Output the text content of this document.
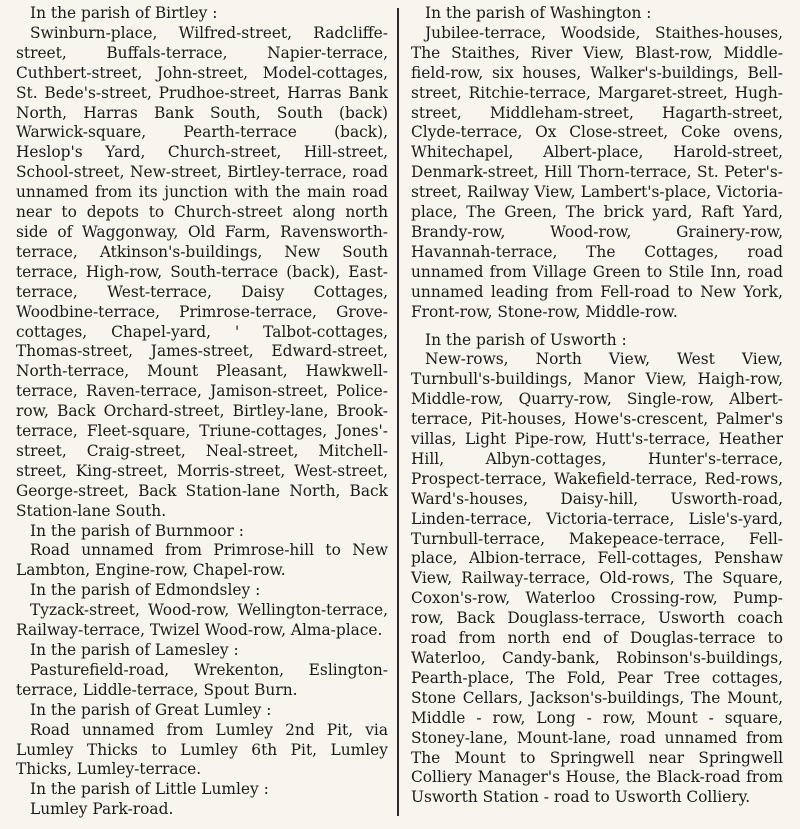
In the parish of Birtley :

Swinburn-place, Wilfred-street, Radcliffe-street, Buffals-terrace, Napier-terrace, Cuthbert-street, John-street, Model-cottages, St. Bede's-street, Prudhoe-street, Harras Bank North, Harras Bank South, South (back) Warwick-square, Pearth-terrace (back), Heslop's Yard, Church-street, Hill-street, School-street, New-street, Birtley-terrace, road unnamed from its junction with the main road near to depots to Church-street along north side of Waggonway, Old Farm, Ravensworth-terrace, Atkinson's-buildings, New South terrace, High-row, South-terrace (back), East-terrace, West-terrace, Daisy Cottages, Woodbine-terrace, Primrose-terrace, Grove-cottages, Chapel-yard, ' Talbot-cottages, Thomas-street, James-street, Edward-street, North-terrace, Mount Pleasant, Hawkwell-terrace, Raven-terrace, Jamison-street, Police-row, Back Orchard-street, Birtley-lane, Brook-terrace, Fleet-square, Triune-cottages, Jones'-street, Craig-street, Neal-street, Mitchell-street, King-street, Morris-street, West-street, George-street, Back Station-lane North, Back Station-lane South.

In the parish of Burnmoor :

Road unnamed from Primrose-hill to New Lambton, Engine-row, Chapel-row.

In the parish of Edmondsley :

Tyzack-street, Wood-row, Wellington-terrace, Railway-terrace, Twizel Wood-row, Alma-place.

In the parish of Lamesley :

Pasturefield-road, Wrekenton, Eslington-terrace, Liddle-terrace, Spout Burn.

In the parish of Great Lumley :

Road unnamed from Lumley 2nd Pit, via Lumley Thicks to Lumley 6th Pit, Lumley Thicks, Lumley-terrace.

In the parish of Little Lumley :

Lumley Park-road.

In the parish of Washington :

Jubilee-terrace, Woodside, Staithes-houses, The Staithes, River View, Blast-row, Middle-field-row, six houses, Walker's-buildings, Bell-street, Ritchie-terrace, Margaret-street, Hugh-street, Middleham-street, Hagarth-street, Clyde-terrace, Ox Close-street, Coke ovens, Whitechapel, Albert-place, Harold-street, Denmark-street, Hill Thorn-terrace, St. Peter's-street, Railway View, Lambert's-place, Victoria-place, The Green, The brick yard, Raft Yard, Brandy-row, Wood-row, Grainery-row, Havannah-terrace, The Cottages, road unnamed from Village Green to Stile Inn, road unnamed leading from Fell-road to New York, Front-row, Stone-row, Middle-row.

In the parish of Usworth :

New-rows, North View, West View, Turnbull's-buildings, Manor View, Haigh-row, Middle-row, Quarry-row, Single-row, Albert-terrace, Pit-houses, Howe's-crescent, Palmer's villas, Light Pipe-row, Hutt's-terrace, Heather Hill, Albyn-cottages, Hunter's-terrace, Prospect-terrace, Wakefield-terrace, Red-rows, Ward's-houses, Daisy-hill, Usworth-road, Linden-terrace, Victoria-terrace, Lisle's-yard, Turnbull-terrace, Makepeace-terrace, Fell-place, Albion-terrace, Fell-cottages, Penshaw View, Railway-terrace, Old-rows, The Square, Coxon's-row, Waterloo Crossing-row, Pump-row, Back Douglass-terrace, Usworth coach road from north end of Douglas-terrace to Waterloo, Candy-bank, Robinson's-buildings, Pearth-place, The Fold, Pear Tree cottages, Stone Cellars, Jackson's-buildings, The Mount, Middle - row, Long - row, Mount - square, Stoney-lane, Mount-lane, road unnamed from The Mount to Springwell near Springwell Colliery Manager's House, the Black-road from Usworth Station - road to Usworth Colliery.
